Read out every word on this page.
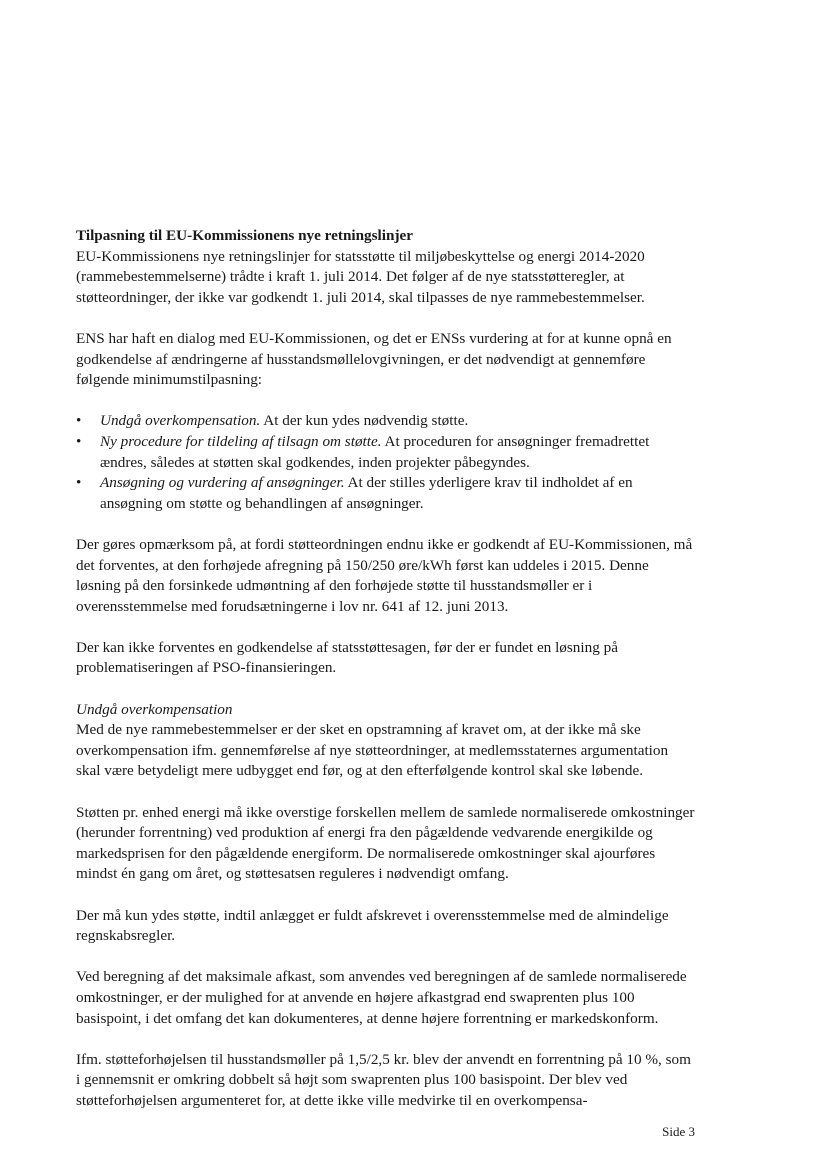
Tilpasning til EU-Kommissionens nye retningslinjer

EU-Kommissionens nye retningslinjer for statsstøtte til miljøbeskyttelse og energi 2014-2020 (rammebestemmelserne) trådte i kraft 1. juli 2014. Det følger af de nye statsstøtteregler, at støtteordninger, der ikke var godkendt 1. juli 2014, skal tilpasses de nye rammebestemmelser.

ENS har haft en dialog med EU-Kommissionen, og det er ENSs vurdering at for at kunne opnå en godkendelse af ændringerne af husstandsmøllelovgivningen, er det nødvendigt at gennemføre følgende minimumstilpasning:

•	Undgå overkompensation. At der kun ydes nødvendig støtte.
•	Ny procedure for tildeling af tilsagn om støtte. At proceduren for ansøgninger fremadrettet ændres, således at støtten skal godkendes, inden projekter påbegyndes.
•	Ansøgning og vurdering af ansøgninger. At der stilles yderligere krav til indholdet af en ansøgning om støtte og behandlingen af ansøgninger.

Der gøres opmærksom på, at fordi støtteordningen endnu ikke er godkendt af EU-Kommissionen, må det forventes, at den forhøjede afregning på 150/250 øre/kWh først kan uddeles i 2015. Denne løsning på den forsinkede udmøntning af den forhøjede støtte til husstandsmøller er i overensstemmelse med forudsætningerne i lov nr. 641 af 12. juni 2013.

Der kan ikke forventes en godkendelse af statsstøttesagen, før der er fundet en løsning på problematiseringen af PSO-finansieringen.

Undgå overkompensation

Med de nye rammebestemmelser er der sket en opstramning af kravet om, at der ikke må ske overkompensation ifm. gennemførelse af nye støtteordninger, at medlemsstaternes argumentation skal være betydeligt mere udbygget end før, og at den efterfølgende kontrol skal ske løbende.

Støtten pr. enhed energi må ikke overstige forskellen mellem de samlede normaliserede omkostninger (herunder forrentning) ved produktion af energi fra den pågældende vedvarende energikilde og markedsprisen for den pågældende energiform. De normaliserede omkostninger skal ajourføres mindst én gang om året, og støttesatsen reguleres i nødvendigt omfang.

Der må kun ydes støtte, indtil anlægget er fuldt afskrevet i overensstemmelse med de almindelige regnskabsregler.

Ved beregning af det maksimale afkast, som anvendes ved beregningen af de samlede normaliserede omkostninger, er der mulighed for at anvende en højere afkastgrad end swaprenten plus 100 basispoint, i det omfang det kan dokumenteres, at denne højere forrentning er markedskonform.

Ifm. støtteforhøjelsen til husstandsmøller på 1,5/2,5 kr. blev der anvendt en forrentning på 10 %, som i gennemsnit er omkring dobbelt så højt som swaprenten plus 100 basispoint. Der blev ved støtteforhøjelsen argumenteret for, at dette ikke ville medvirke til en overkompensa-

Side 3
